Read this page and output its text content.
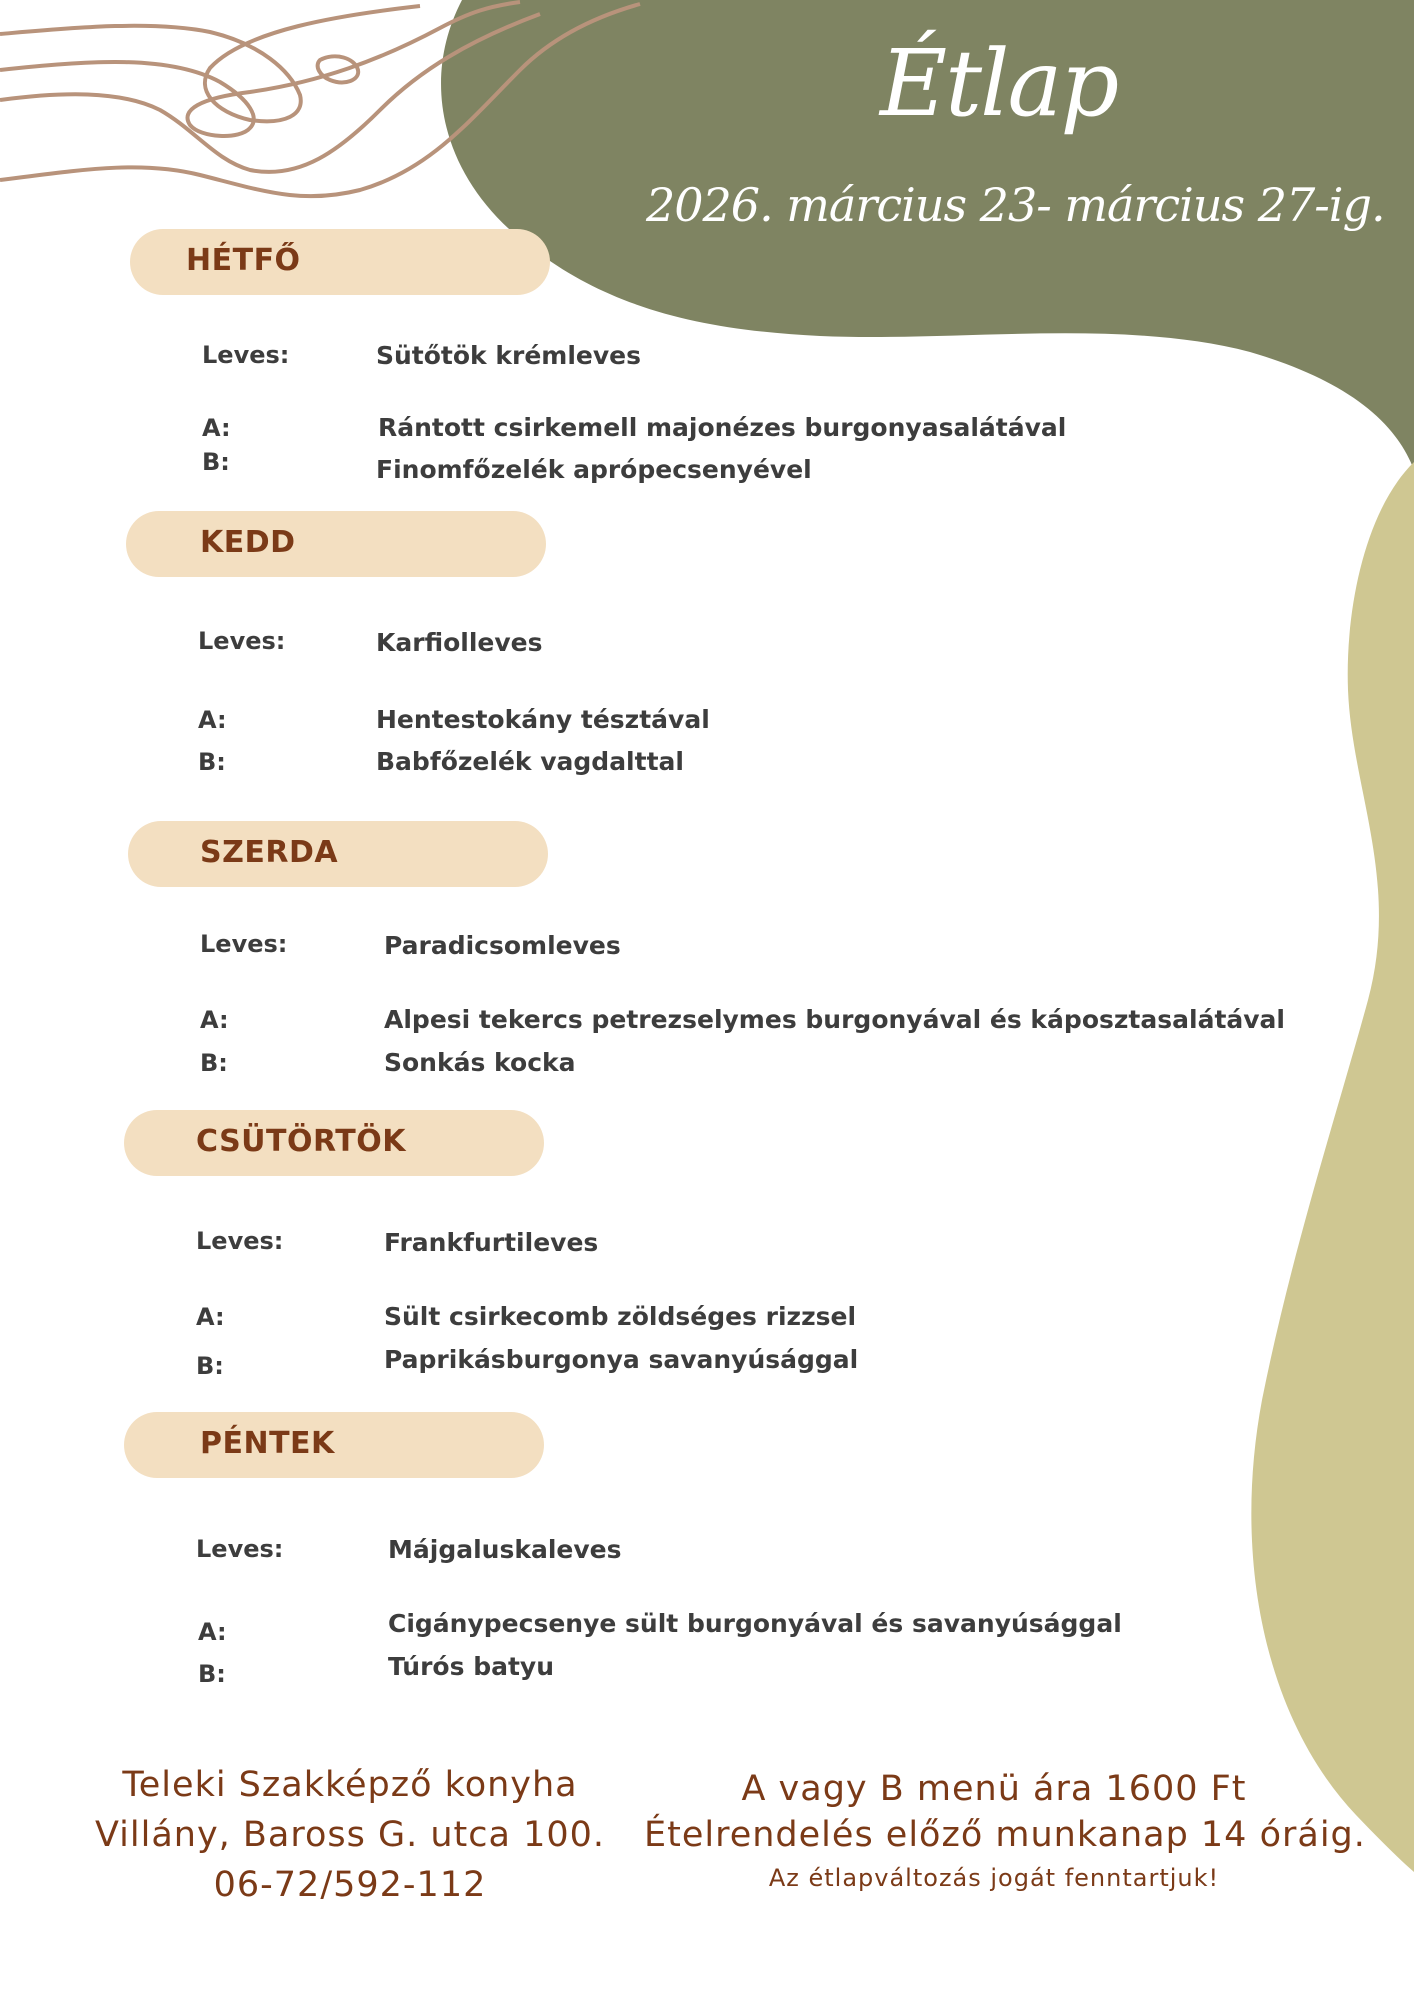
Étlap
2026. március 23- március 27-ig.
HÉTFŐ
Leves:	Sütőtök krémleves
A:	Rántott csirkemell majonézes burgonyasalátával
B:	Finomfőzelék aprópecsenyével
KEDD
Leves:	Karfiolleves
A:	Hentestokány tésztával
B:	Babfőzelék vagdalttal
SZERDA
Leves:	Paradicsomleves
A:	Alpesi tekercs petrezselymes burgonyával és káposztasalátával
B:	Sonkás kocka
CSÜTÖRTÖK
Leves:	Frankfurtileves
A:	Sült csirkecomb zöldséges rizzsel
B:	Paprikásburgonya savanyúsággal
PÉNTEK
Leves:	Májgaluskaleves
A:	Cigánypecsenye sült burgonyával és savanyúsággal
B:	Túrós batyu
Teleki Szakképző konyha
Villány, Baross G. utca 100.
06-72/592-112
A vagy B menü ára 1600 Ft
Ételrendelés előző munkanap 14 óráig.
Az étlapváltozás jogát fenntartjuk!
